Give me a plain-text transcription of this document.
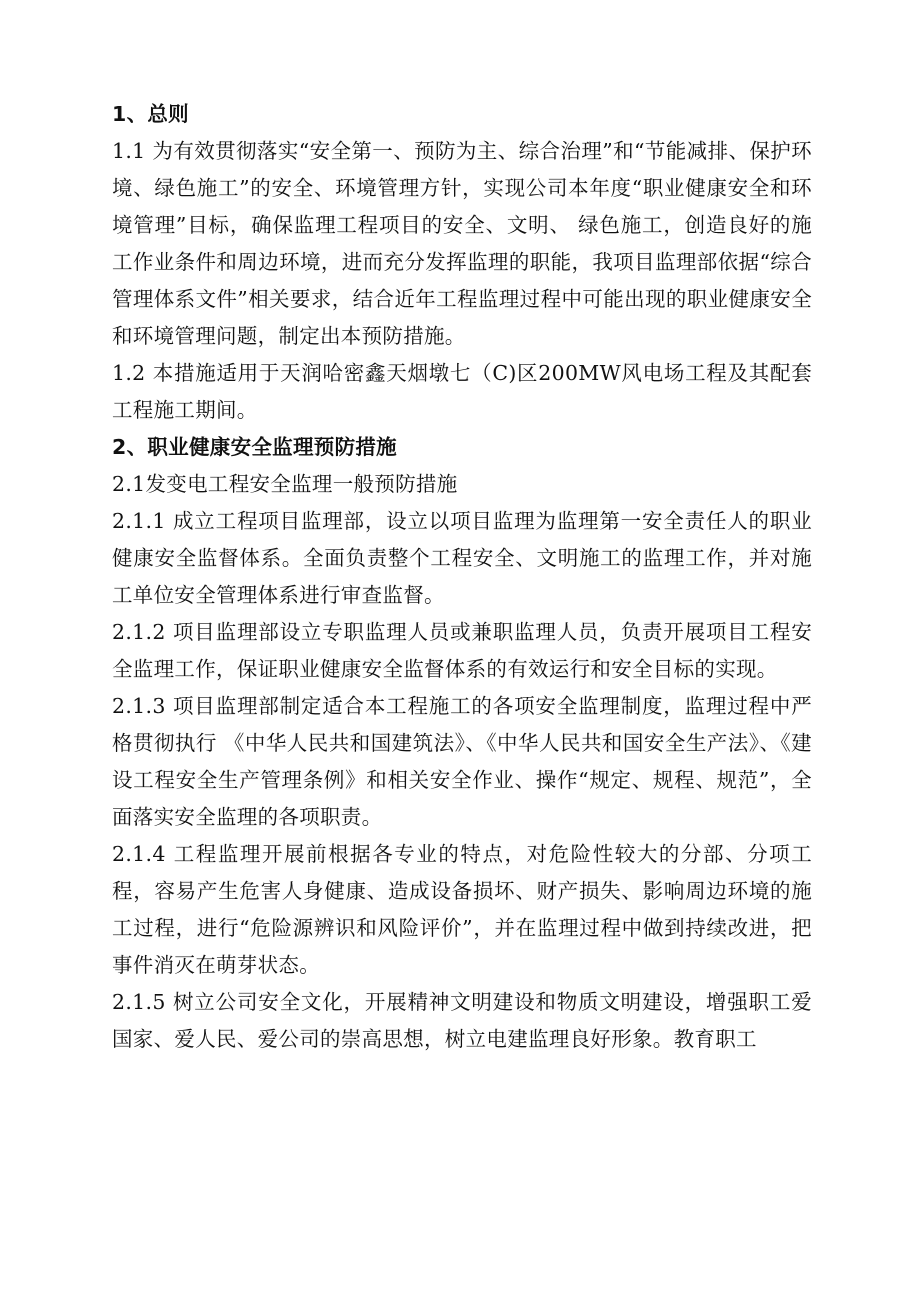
1、总则

1.1 为有效贯彻落实“安全第一、预防为主、综合治理”和“节能减排、保护环境、绿色施工”的安全、环境管理方针，实现公司本年度“职业健康安全和环境管理”目标，确保监理工程项目的安全、文明、 绿色施工，创造良好的施工作业条件和周边环境，进而充分发挥监理的职能，我项目监理部依据“综合管理体系文件”相关要求，结合近年工程监理过程中可能出现的职业健康安全和环境管理问题，制定出本预防措施。

1.2 本措施适用于天润哈密鑫天烟墩七（C)区200MW风电场工程及其配套工程施工期间。

2、职业健康安全监理预防措施

2.1发变电工程安全监理一般预防措施

2.1.1 成立工程项目监理部，设立以项目监理为监理第一安全责任人的职业健康安全监督体系。全面负责整个工程安全、文明施工的监理工作，并对施工单位安全管理体系进行审查监督。

2.1.2 项目监理部设立专职监理人员或兼职监理人员，负责开展项目工程安全监理工作，保证职业健康安全监督体系的有效运行和安全目标的实现。

2.1.3 项目监理部制定适合本工程施工的各项安全监理制度，监理过程中严格贯彻执行 《中华人民共和国建筑法》、《中华人民共和国安全生产法》、《建设工程安全生产管理条例》和相关安全作业、操作“规定、规程、规范”，全面落实安全监理的各项职责。

2.1.4 工程监理开展前根据各专业的特点，对危险性较大的分部、分项工程，容易产生危害人身健康、造成设备损坏、财产损失、影响周边环境的施工过程，进行“危险源辨识和风险评价”，并在监理过程中做到持续改进，把事件消灭在萌芽状态。

2.1.5 树立公司安全文化，开展精神文明建设和物质文明建设，增强职工爱国家、爱人民、爱公司的崇高思想，树立电建监理良好形象。教育职工
